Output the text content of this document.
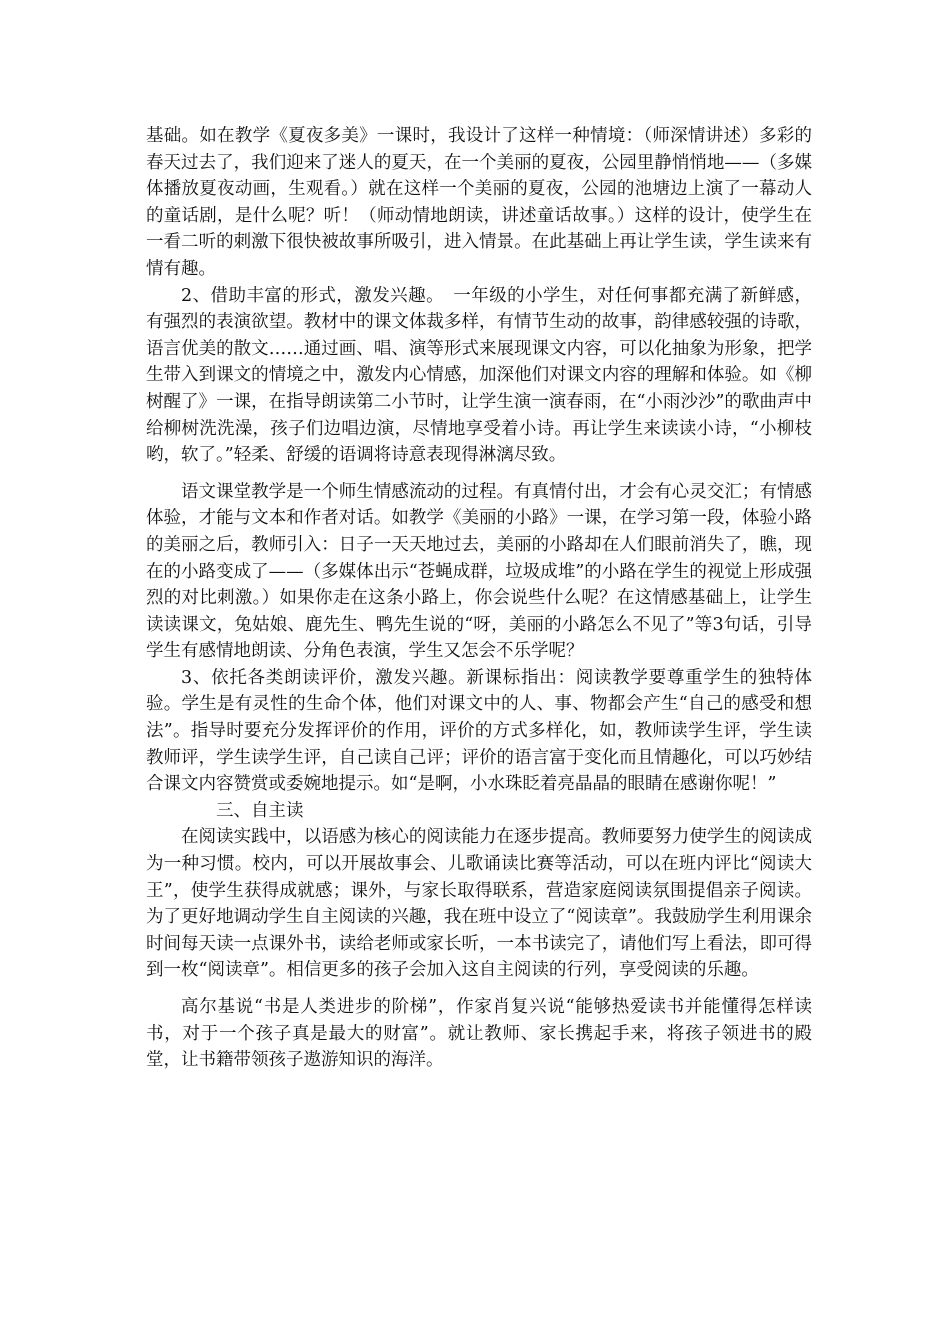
基础。如在教学《夏夜多美》一课时，我设计了这样一种情境：（师深情讲述）多彩的春天过去了，我们迎来了迷人的夏天，在一个美丽的夏夜，公园里静悄悄地——（多媒体播放夏夜动画，生观看。）就在这样一个美丽的夏夜，公园的池塘边上演了一幕动人的童话剧，是什么呢？听！（师动情地朗读，讲述童话故事。）这样的设计，使学生在一看二听的刺激下很快被故事所吸引，进入情景。在此基础上再让学生读，学生读来有情有趣。

2、借助丰富的形式，激发兴趣。　一年级的小学生，对任何事都充满了新鲜感，有强烈的表演欲望。教材中的课文体裁多样，有情节生动的故事，韵律感较强的诗歌，语言优美的散文……通过画、唱、演等形式来展现课文内容，可以化抽象为形象，把学生带入到课文的情境之中，激发内心情感，加深他们对课文内容的理解和体验。如《柳树醒了》一课，在指导朗读第二小节时，让学生演一演春雨，在“小雨沙沙”的歌曲声中给柳树洗洗澡，孩子们边唱边演，尽情地享受着小诗。再让学生来读读小诗，“小柳枝哟，软了。”轻柔、舒缓的语调将诗意表现得淋漓尽致。

语文课堂教学是一个师生情感流动的过程。有真情付出，才会有心灵交汇；有情感体验，才能与文本和作者对话。如教学《美丽的小路》一课，在学习第一段，体验小路的美丽之后，教师引入：日子一天天地过去，美丽的小路却在人们眼前消失了，瞧，现在的小路变成了——（多媒体出示“苍蝇成群，垃圾成堆”的小路在学生的视觉上形成强烈的对比刺激。）如果你走在这条小路上，你会说些什么呢？在这情感基础上，让学生读读课文，兔姑娘、鹿先生、鸭先生说的“呀，美丽的小路怎么不见了”等3句话，引导学生有感情地朗读、分角色表演，学生又怎会不乐学呢？

3、依托各类朗读评价，激发兴趣。新课标指出：阅读教学要尊重学生的独特体验。学生是有灵性的生命个体，他们对课文中的人、事、物都会产生“自己的感受和想法”。指导时要充分发挥评价的作用，评价的方式多样化，如，教师读学生评，学生读教师评，学生读学生评，自己读自己评；评价的语言富于变化而且情趣化，可以巧妙结合课文内容赞赏或委婉地提示。如“是啊，小水珠眨着亮晶晶的眼睛在感谢你呢！”

三、自主读

在阅读实践中，以语感为核心的阅读能力在逐步提高。教师要努力使学生的阅读成为一种习惯。校内，可以开展故事会、儿歌诵读比赛等活动，可以在班内评比“阅读大王”，使学生获得成就感；课外，与家长取得联系，营造家庭阅读氛围提倡亲子阅读。为了更好地调动学生自主阅读的兴趣，我在班中设立了“阅读章”。我鼓励学生利用课余时间每天读一点课外书，读给老师或家长听，一本书读完了，请他们写上看法，即可得到一枚“阅读章”。相信更多的孩子会加入这自主阅读的行列，享受阅读的乐趣。

高尔基说“书是人类进步的阶梯”，作家肖复兴说“能够热爱读书并能懂得怎样读书，对于一个孩子真是最大的财富”。就让教师、家长携起手来，将孩子领进书的殿堂，让书籍带领孩子遨游知识的海洋。
